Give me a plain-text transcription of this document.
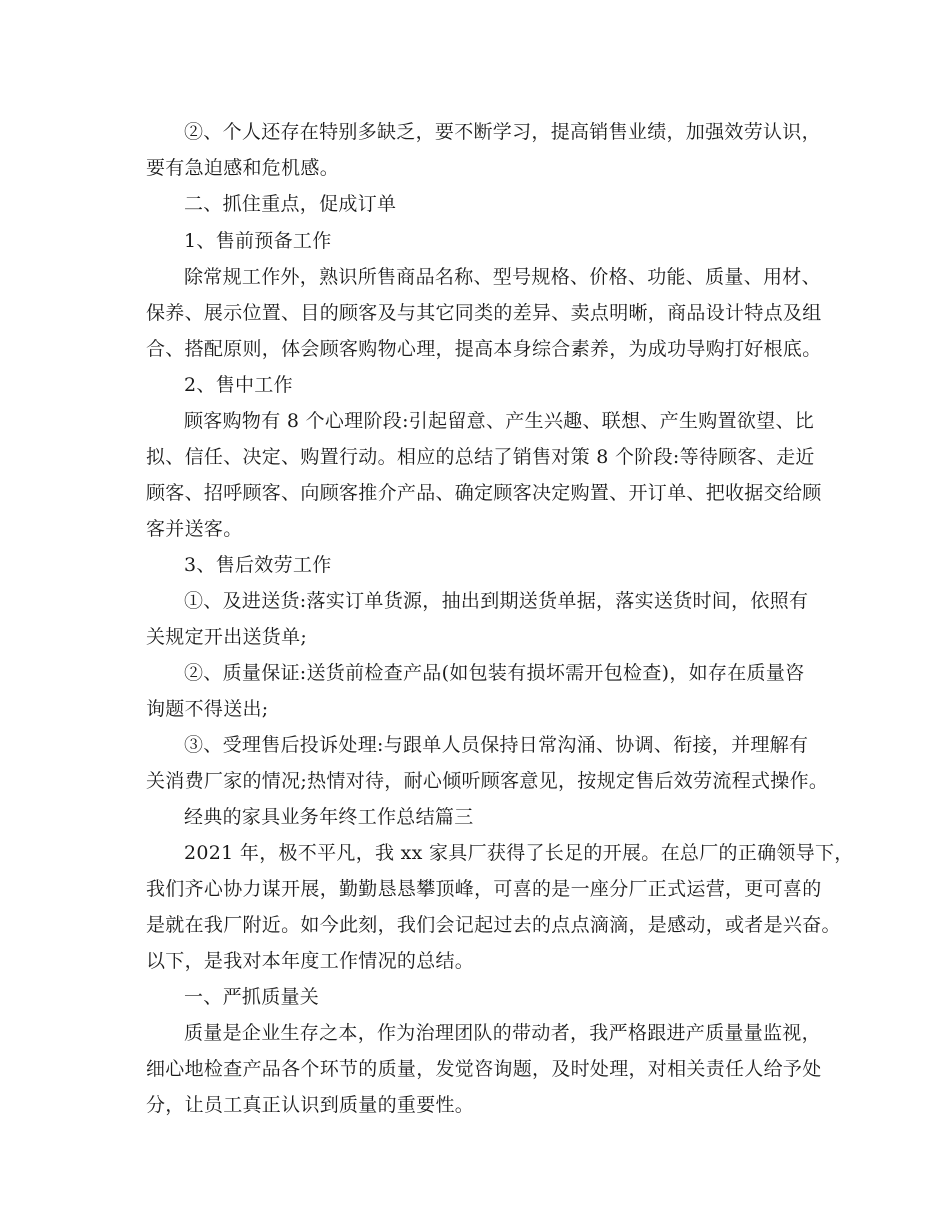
②、个人还存在特别多缺乏，要不断学习，提高销售业绩，加强效劳认识，
要有急迫感和危机感。
二、抓住重点，促成订单
1、售前预备工作
除常规工作外，熟识所售商品名称、型号规格、价格、功能、质量、用材、
保养、展示位置、目的顾客及与其它同类的差异、卖点明晰，商品设计特点及组
合、搭配原则，体会顾客购物心理，提高本身综合素养，为成功导购打好根底。
2、售中工作
顾客购物有 8 个心理阶段:引起留意、产生兴趣、联想、产生购置欲望、比
拟、信任、决定、购置行动。相应的总结了销售对策 8 个阶段:等待顾客、走近
顾客、招呼顾客、向顾客推介产品、确定顾客决定购置、开订单、把收据交给顾
客并送客。
3、售后效劳工作
①、及进送货:落实订单货源，抽出到期送货单据，落实送货时间，依照有
关规定开出送货单;
②、质量保证:送货前检查产品(如包装有损坏需开包检查)，如存在质量咨
询题不得送出;
③、受理售后投诉处理:与跟单人员保持日常沟涌、协调、衔接，并理解有
关消费厂家的情况;热情对待，耐心倾听顾客意见，按规定售后效劳流程式操作。
经典的家具业务年终工作总结篇三
2021 年，极不平凡，我 xx 家具厂获得了长足的开展。在总厂的正确领导下，
我们齐心协力谋开展，勤勤恳恳攀顶峰，可喜的是一座分厂正式运营，更可喜的
是就在我厂附近。如今此刻，我们会记起过去的点点滴滴，是感动，或者是兴奋。
以下，是我对本年度工作情况的总结。
一、严抓质量关
质量是企业生存之本，作为治理团队的带动者，我严格跟进产质量量监视，
细心地检查产品各个环节的质量，发觉咨询题，及时处理，对相关责任人给予处
分，让员工真正认识到质量的重要性。
